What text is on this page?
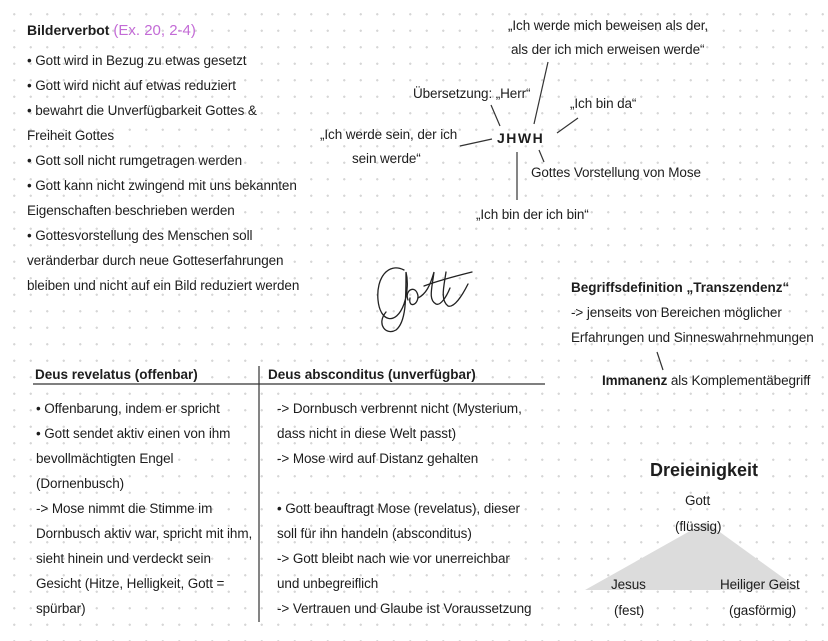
Bilderverbot (Ex. 20, 2-4)
• Gott wird in Bezug zu etwas gesetzt
• Gott wird nicht auf etwas reduziert
• bewahrt die Unverfügbarkeit Gottes &
Freiheit Gottes
• Gott soll nicht rumgetragen werden
• Gott kann nicht zwingend mit uns bekannten
Eigenschaften beschrieben werden
• Gottesvorstellung des Menschen soll
veränderbar durch neue Gotteserfahrungen
bleiben und nicht auf ein Bild reduziert werden
„Ich werde mich beweisen als der,
als der ich mich erweisen werde“
Übersetzung: „Herr“
„Ich bin da“
„Ich werde sein, der ich
sein werde“
JHWH
Gottes Vorstellung von Mose
„Ich bin der ich bin“
Begriffsdefinition „Transzendenz“
-> jenseits von Bereichen möglicher
Erfahrungen und Sinneswahrnehmungen
Immanenz als Komplementäbegriff
Deus revelatus (offenbar)
• Offenbarung, indem er spricht
• Gott sendet aktiv einen von ihm
bevollmächtigten Engel
(Dornenbusch)
-> Mose nimmt die Stimme im
Dornbusch aktiv war, spricht mit ihm,
sieht hinein und verdeckt sein
Gesicht (Hitze, Helligkeit, Gott =
spürbar)
Deus absconditus (unverfügbar)
-> Dornbusch verbrennt nicht (Mysterium,
dass nicht in diese Welt passt)
-> Mose wird auf Distanz gehalten
• Gott beauftragt Mose (revelatus), dieser
soll für ihn handeln (absconditus)
-> Gott bleibt nach wie vor unerreichbar
und unbegreiflich
-> Vertrauen und Glaube ist Voraussetzung
Dreieinigkeit
Gott
(flüssig)
Jesus
(fest)
Heiliger Geist
(gasförmig)
